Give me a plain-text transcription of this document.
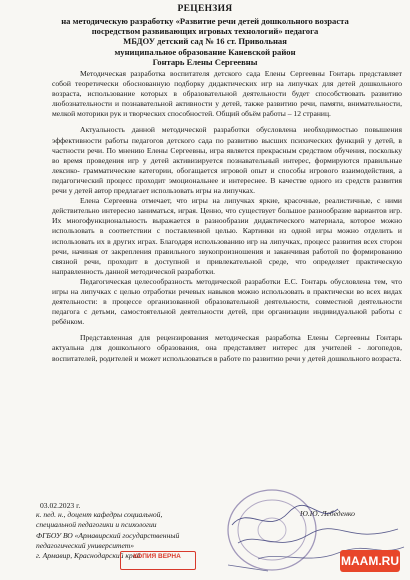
РЕЦЕНЗИЯ
на методическую разработку «Развитие речи детей дошкольного возраста
посредством развивающих игровых технологий» педагога
МБДОУ детский сад № 16 ст. Привольная
муниципальное образование Каневской район
Гонтарь Елены Сергеевны

Методическая разработка воспитателя детского сада Елены Сергеевны Гонтарь представляет собой теоретически обоснованную подборку дидактических игр на липучках для детей дошкольного возраста, использование которых в образовательной деятельности будет способствовать развитию любознательности и познавательной активности у детей, также развитию речи, памяти, внимательности, мелкой моторики рук и творческих способностей. Общий объём работы – 12 страниц.

Актуальность данной методической разработки обусловлена необходимостью повышения эффективности работы педагогов детского сада по развитию высших психических функций у детей, в частности речи. По мнению Елены Сергеевны, игра является прекрасным средством обучения, поскольку во время проведения игр у детей активизируется познавательный интерес, формируются правильные лексико- грамматические категории, обогащается игровой опыт и способы игрового взаимодействия, а педагогический процесс проходит эмоциональнее и интереснее. В качестве одного из средств развития речи у детей автор предлагает использовать игры на липучках.

Елена Сергеевна отмечает, что игры на липучках яркие, красочные, реалистичные, с ними действительно интересно заниматься, играя. Ценно, что существует большое разнообразие вариантов игр. Их многофункциональность выражается в разнообразии дидактического материала, которое можно использовать в соответствии с поставленной целью. Картинки из одной игры можно отделить и использовать их в других играх. Благодаря использованию игр на липучках, процесс развития всех сторон речи, начиная от закрепления правильного звукопроизношения и заканчивая работой по формированию связной речи, проходит в доступной и привлекательной среде, что определяет практическую направленность данной методической разработки.

Педагогическая целесообразность методической разработки Е.С. Гонтарь обусловлена тем, что игры на липучках с целью отработки речевых навыков можно использовать в практически во всех видах деятельности: в процессе организованной образовательной деятельности, совместной деятельности педагога с детьми, самостоятельной деятельности детей, при организации индивидуальной работы с ребёнком.

Представленная для рецензирования методическая разработка Елены Сергеевны Гонтарь актуальна для дошкольного образования, она представляет интерес для учителей - логопедов, воспитателей, родителей и может использоваться в работе по развитию речи у детей дошкольного возраста.

03.02.2023 г.
к. пед. н., доцент кафедры социальной,
специальной педагогики и психологии
ФГБОУ ВО «Армавирский государственный
педагогический университет»
г. Армавир, Краснодарский край
Ю.Ю. Лебеденко
КОПИЯ ВЕРНА	MAAM.RU
